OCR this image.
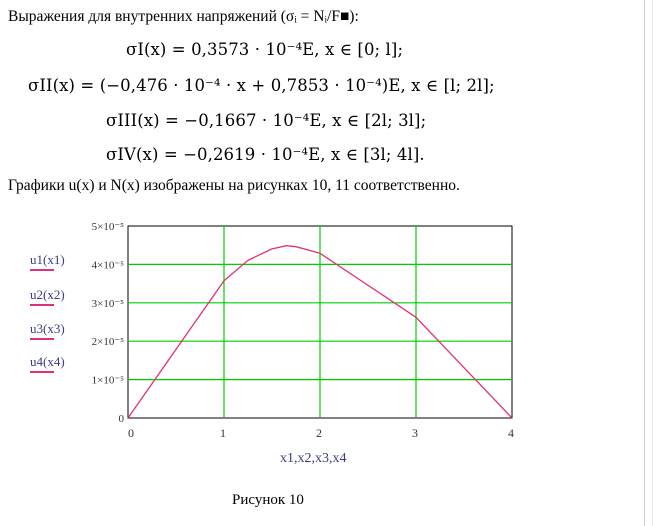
Выражения для внутренних напряжений (σᵢ = Nᵢ/F■):
σI(x) = 0,3573 · 10⁻⁴E, x ∈ [0; l];
σII(x) = (−0,476 · 10⁻⁴ · x + 0,7853 · 10⁻⁴)E, x ∈ [l; 2l];
σIII(x) = −0,1667 · 10⁻⁴E, x ∈ [2l; 3l];
σIV(x) = −0,2619 · 10⁻⁴E, x ∈ [3l; 4l].
Графики u(x) и N(x) изображены на рисунках 10, 11 соответственно.
u1(x1)
u2(x2)
u3(x3)
u4(x4)
0	1	2	3	4
0
1×10⁻⁵
2×10⁻⁵
3×10⁻⁵
4×10⁻⁵
5×10⁻⁵
x1,x2,x3,x4
Рисунок 10
